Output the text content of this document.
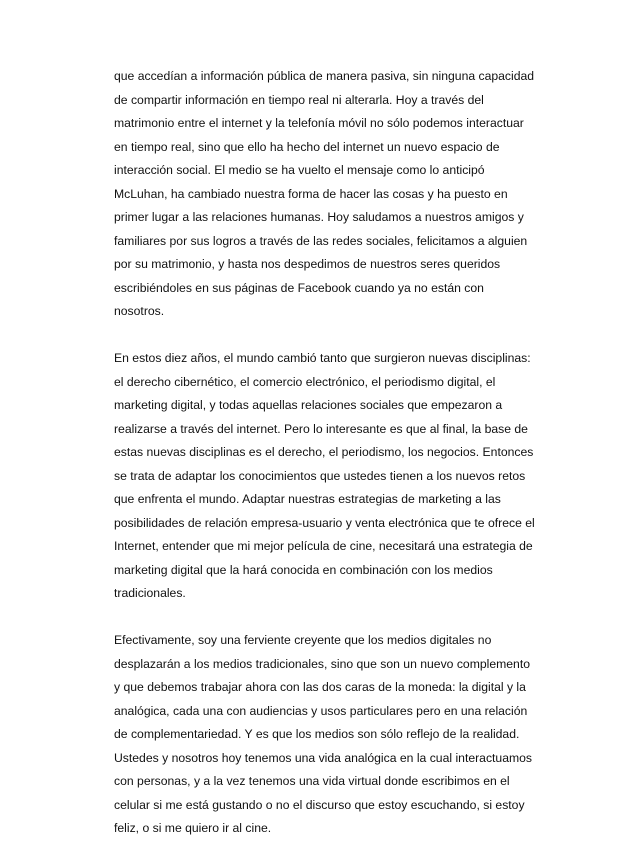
que accedían a información pública de manera pasiva, sin ninguna capacidad
de compartir información en tiempo real ni alterarla. Hoy a través del
matrimonio entre el internet y la telefonía móvil no sólo podemos interactuar
en tiempo real, sino que ello ha hecho del internet un nuevo espacio de
interacción social. El medio se ha vuelto el mensaje como lo anticipó
McLuhan, ha cambiado nuestra forma de hacer las cosas y ha puesto en
primer lugar a las relaciones humanas. Hoy saludamos a nuestros amigos y
familiares por sus logros a través de las redes sociales, felicitamos a alguien
por su matrimonio, y hasta nos despedimos de nuestros seres queridos
escribiéndoles en sus páginas de Facebook cuando ya no están con
nosotros.
En estos diez años, el mundo cambió tanto que surgieron nuevas disciplinas:
el derecho cibernético, el comercio electrónico, el periodismo digital, el
marketing digital, y todas aquellas relaciones sociales que empezaron a
realizarse a través del internet. Pero lo interesante es que al final, la base de
estas nuevas disciplinas es el derecho, el periodismo, los negocios. Entonces
se trata de adaptar los conocimientos que ustedes tienen a los nuevos retos
que enfrenta el mundo. Adaptar nuestras estrategias de marketing a las
posibilidades de relación empresa-usuario y venta electrónica que te ofrece el
Internet, entender que mi mejor película de cine, necesitará una estrategia de
marketing digital que la hará conocida en combinación con los medios
tradicionales.
Efectivamente, soy una ferviente creyente que los medios digitales no
desplazarán a los medios tradicionales, sino que son un nuevo complemento
y que debemos trabajar ahora con las dos caras de la moneda: la digital y la
analógica, cada una con audiencias y usos particulares pero en una relación
de complementariedad. Y es que los medios son sólo reflejo de la realidad.
Ustedes y nosotros hoy tenemos una vida analógica en la cual interactuamos
con personas, y a la vez tenemos una vida virtual donde escribimos en el
celular si me está gustando o no el discurso que estoy escuchando, si estoy
feliz, o si me quiero ir al cine.
